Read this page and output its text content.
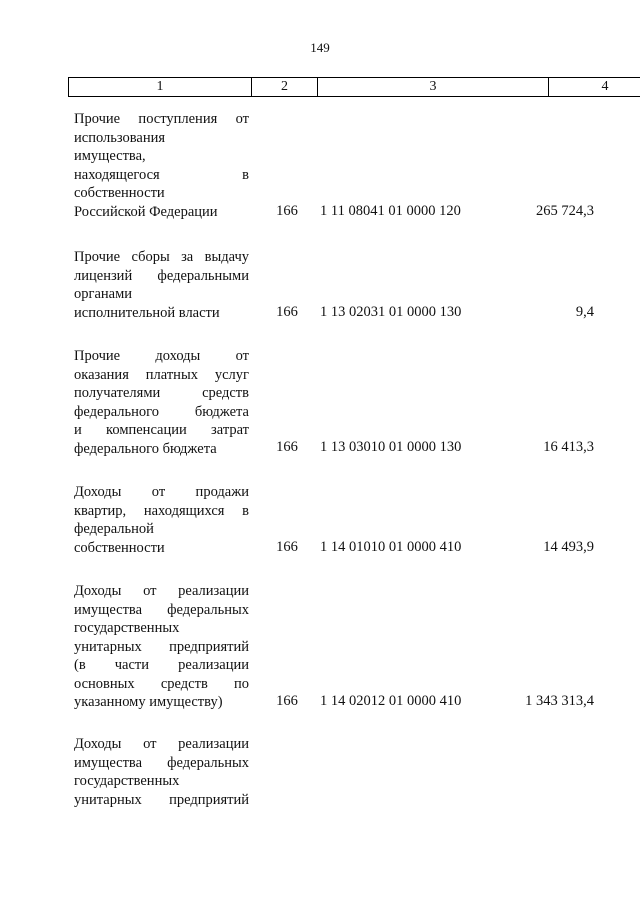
149
1	2	3	4
Прочие поступления от
использования
имущества,
находящегося в
собственности
Российской Федерации	166	1 11 08041 01 0000 120	265 724,3
Прочие сборы за выдачу
лицензий федеральными
органами
исполнительной власти	166	1 13 02031 01 0000 130	9,4
Прочие доходы от
оказания платных услуг
получателями средств
федерального бюджета
и компенсации затрат
федерального бюджета	166	1 13 03010 01 0000 130	16 413,3
Доходы от продажи
квартир, находящихся в
федеральной
собственности	166	1 14 01010 01 0000 410	14 493,9
Доходы от реализации
имущества федеральных
государственных
унитарных предприятий
(в части реализации
основных средств по
указанному имуществу)	166	1 14 02012 01 0000 410	1 343 313,4
Доходы от реализации
имущества федеральных
государственных
унитарных предприятий
